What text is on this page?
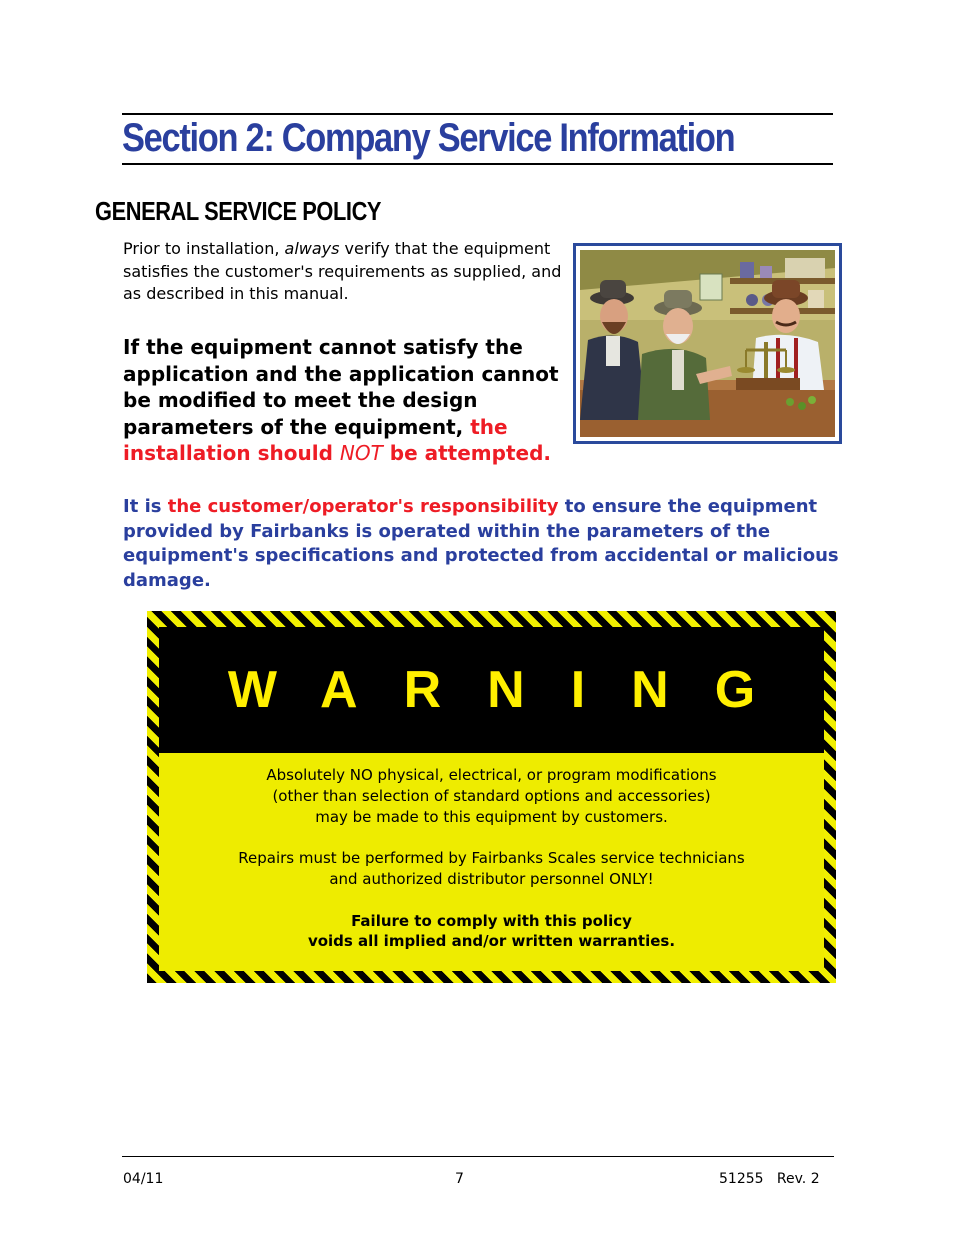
Section 2: Company Service Information
GENERAL SERVICE POLICY

Prior to installation, always verify that the equipment satisfies the customer's requirements as supplied, and as described in this manual.

If the equipment cannot satisfy the application and the application cannot be modified to meet the design parameters of the equipment, the installation should NOT be attempted.

It is the customer/operator's responsibility to ensure the equipment provided by Fairbanks is operated within the parameters of the equipment's specifications and protected from accidental or malicious damage.

WARNING

Absolutely NO physical, electrical, or program modifications
(other than selection of standard options and accessories)
may be made to this equipment by customers.

Repairs must be performed by Fairbanks Scales service technicians
and authorized distributor personnel ONLY!

Failure to comply with this policy
voids all implied and/or written warranties.

04/11	7	51255   Rev. 2
